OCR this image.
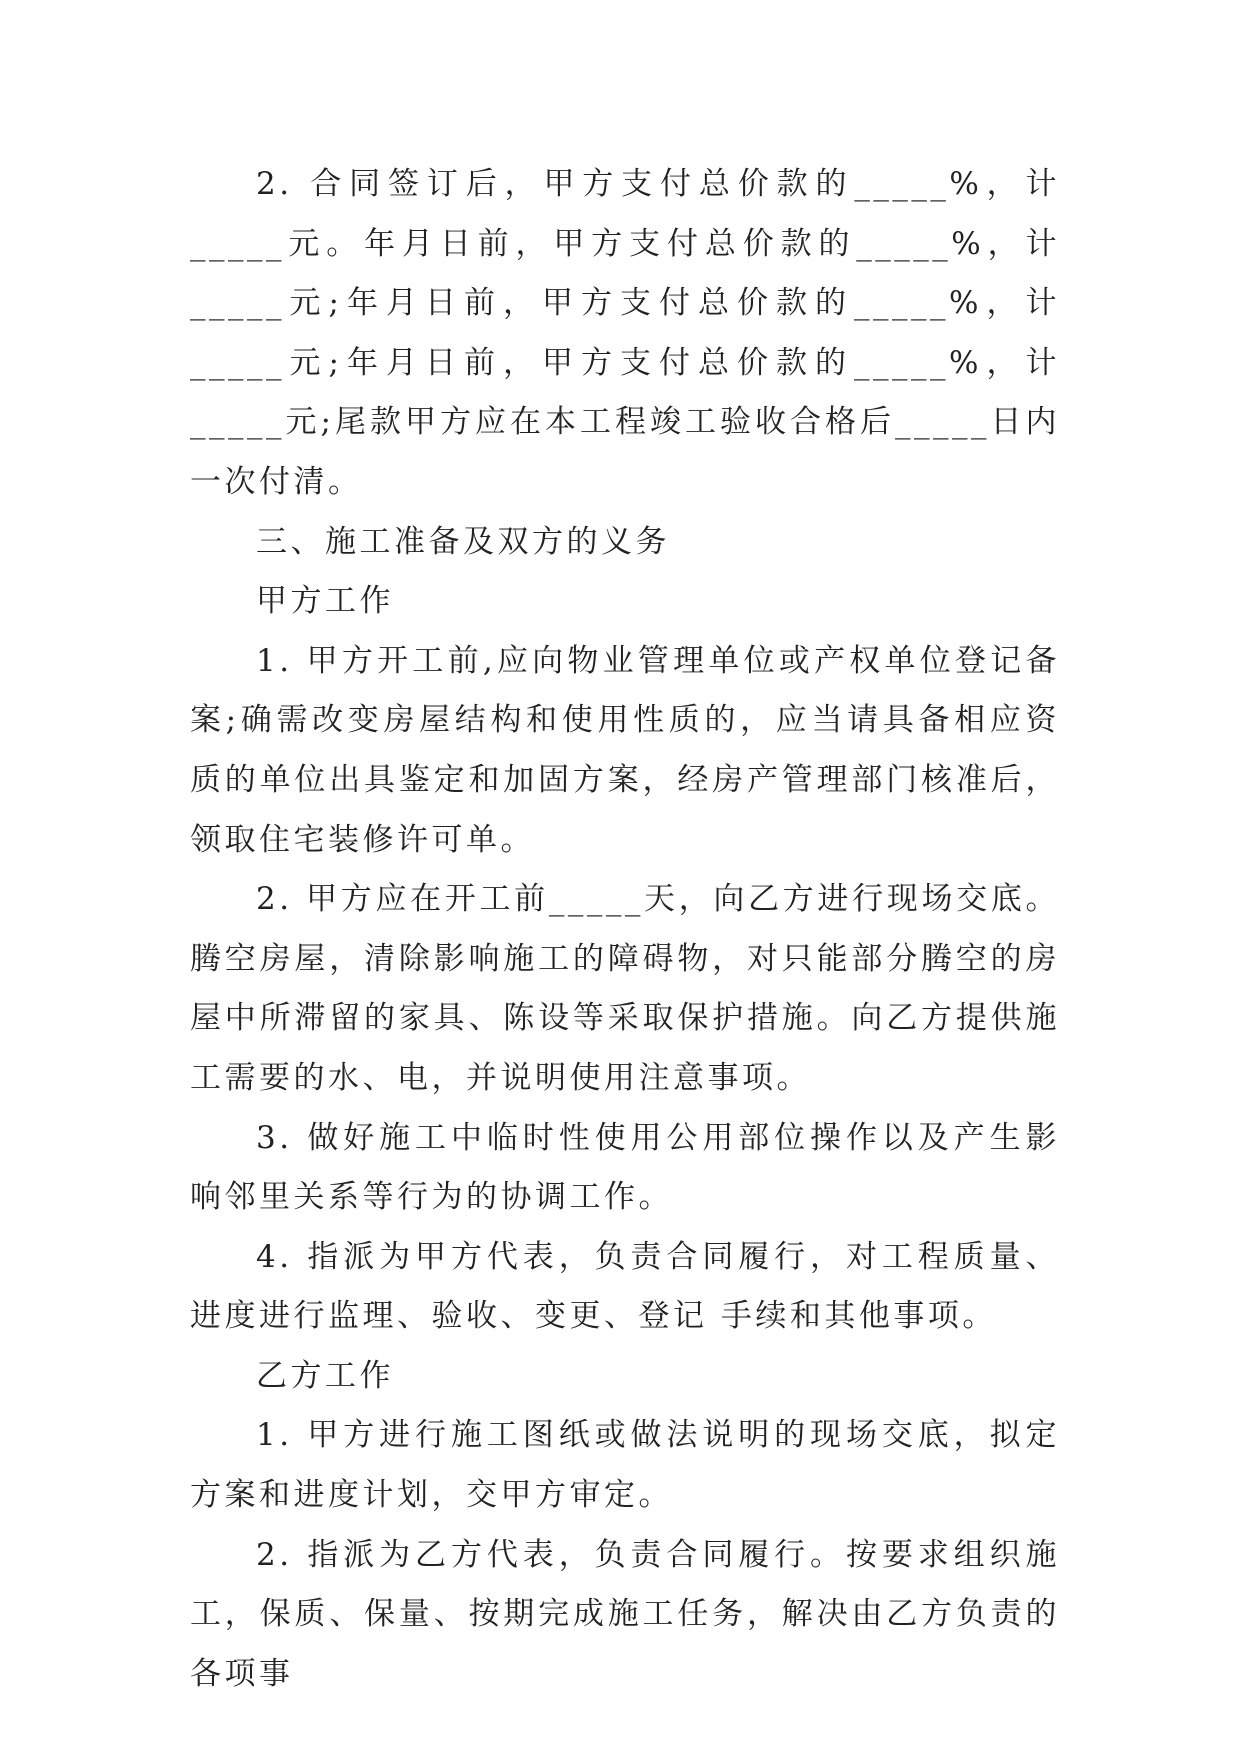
2. 合同签订后，甲方支付总价款的_____%，计_____元。年月日前，甲方支付总价款的_____%，计_____元;年月日前，甲方支付总价款的_____%，计_____元;年月日前，甲方支付总价款的_____%，计_____元;尾款甲方应在本工程竣工验收合格后_____日内一次付清。

三、施工准备及双方的义务

甲方工作

1. 甲方开工前,应向物业管理单位或产权单位登记备案;确需改变房屋结构和使用性质的，应当请具备相应资质的单位出具鉴定和加固方案，经房产管理部门核准后，领取住宅装修许可单。

2. 甲方应在开工前_____天，向乙方进行现场交底。腾空房屋，清除影响施工的障碍物，对只能部分腾空的房屋中所滞留的家具、陈设等采取保护措施。向乙方提供施工需要的水、电，并说明使用注意事项。

3. 做好施工中临时性使用公用部位操作以及产生影响邻里关系等行为的协调工作。

4. 指派为甲方代表，负责合同履行，对工程质量、进度进行监理、验收、变更、登记 手续和其他事项。

乙方工作

1. 甲方进行施工图纸或做法说明的现场交底，拟定方案和进度计划，交甲方审定。

2. 指派为乙方代表，负责合同履行。按要求组织施工，保质、保量、按期完成施工任务，解决由乙方负责的各项事
